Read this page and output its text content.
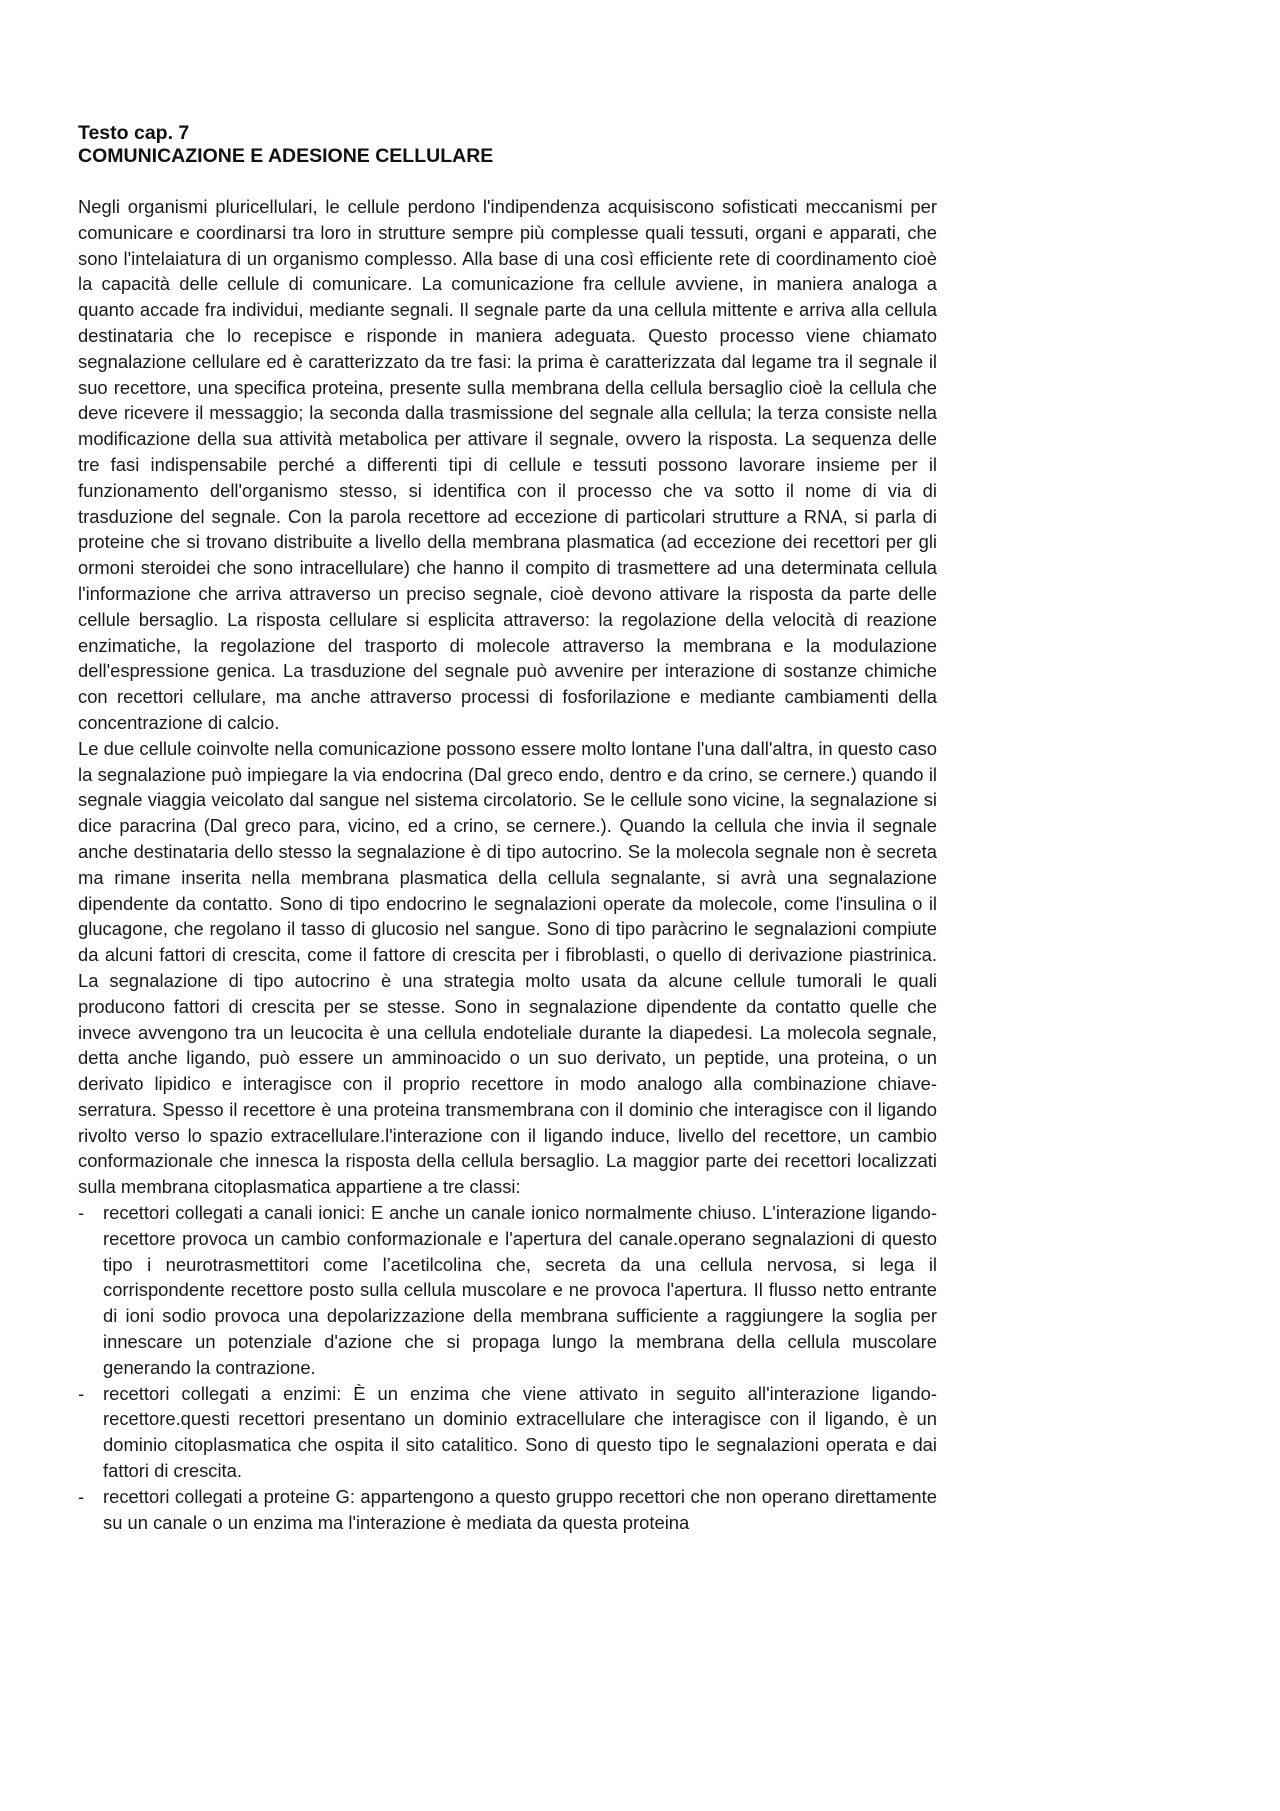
Testo cap. 7
COMUNICAZIONE E ADESIONE CELLULARE

Negli organismi pluricellulari, le cellule perdono l'indipendenza acquisiscono sofisticati meccanismi per comunicare e coordinarsi tra loro in strutture sempre più complesse quali tessuti, organi e apparati, che sono l'intelaiatura di un organismo complesso. Alla base di una così efficiente rete di coordinamento cioè la capacità delle cellule di comunicare. La comunicazione fra cellule avviene, in maniera analoga a quanto accade fra individui, mediante segnali. Il segnale parte da una cellula mittente e arriva alla cellula destinataria che lo recepisce e risponde in maniera adeguata. Questo processo viene chiamato segnalazione cellulare ed è caratterizzato da tre fasi: la prima è caratterizzata dal legame tra il segnale il suo recettore, una specifica proteina, presente sulla membrana della cellula bersaglio cioè la cellula che deve ricevere il messaggio; la seconda dalla trasmissione del segnale alla cellula; la terza consiste nella modificazione della sua attività metabolica per attivare il segnale, ovvero la risposta. La sequenza delle tre fasi indispensabile perché a differenti tipi di cellule e tessuti possono lavorare insieme per il funzionamento dell'organismo stesso, si identifica con il processo che va sotto il nome di via di trasduzione del segnale. Con la parola recettore ad eccezione di particolari strutture a RNA, si parla di proteine che si trovano distribuite a livello della membrana plasmatica (ad eccezione dei recettori per gli ormoni steroidei che sono intracellulare) che hanno il compito di trasmettere ad una determinata cellula l'informazione che arriva attraverso un preciso segnale, cioè devono attivare la risposta da parte delle cellule bersaglio. La risposta cellulare si esplicita attraverso: la regolazione della velocità di reazione enzimatiche, la regolazione del trasporto di molecole attraverso la membrana e la modulazione dell'espressione genica. La trasduzione del segnale può avvenire per interazione di sostanze chimiche con recettori cellulare, ma anche attraverso processi di fosforilazione e mediante cambiamenti della concentrazione di calcio.

Le due cellule coinvolte nella comunicazione possono essere molto lontane l'una dall'altra, in questo caso la segnalazione può impiegare la via endocrina (Dal greco endo, dentro e da crino, se cernere.) quando il segnale viaggia veicolato dal sangue nel sistema circolatorio. Se le cellule sono vicine, la segnalazione si dice paracrina (Dal greco para, vicino, ed a crino, se cernere.). Quando la cellula che invia il segnale anche destinataria dello stesso la segnalazione è di tipo autocrino. Se la molecola segnale non è secreta ma rimane inserita nella membrana plasmatica della cellula segnalante, si avrà una segnalazione dipendente da contatto. Sono di tipo endocrino le segnalazioni operate da molecole, come l'insulina o il glucagone, che regolano il tasso di glucosio nel sangue. Sono di tipo paràcrino le segnalazioni compiute da alcuni fattori di crescita, come il fattore di crescita per i fibroblasti, o quello di derivazione piastrinica. La segnalazione di tipo autocrino è una strategia molto usata da alcune cellule tumorali le quali producono fattori di crescita per se stesse. Sono in segnalazione dipendente da contatto quelle che invece avvengono tra un leucocita è una cellula endoteliale durante la diapedesi. La molecola segnale, detta anche ligando, può essere un amminoacido o un suo derivato, un peptide, una proteina, o un derivato lipidico e interagisce con il proprio recettore in modo analogo alla combinazione chiave-serratura. Spesso il recettore è una proteina transmembrana con il dominio che interagisce con il ligando rivolto verso lo spazio extracellulare.l'interazione con il ligando induce, livello del recettore, un cambio conformazionale che innesca la risposta della cellula bersaglio. La maggior parte dei recettori localizzati sulla membrana citoplasmatica appartiene a tre classi:

-	recettori collegati a canali ionici: E anche un canale ionico normalmente chiuso. L'interazione ligando-recettore provoca un cambio conformazionale e l'apertura del canale.operano segnalazioni di questo tipo i neurotrasmettitori come l’acetilcolina che, secreta da una cellula nervosa, si lega il corrispondente recettore posto sulla cellula muscolare e ne provoca l'apertura. Il flusso netto entrante di ioni sodio provoca una depolarizzazione della membrana sufficiente a raggiungere la soglia per innescare un potenziale d'azione che si propaga lungo la membrana della cellula muscolare generando la contrazione.
-	recettori collegati a enzimi: È un enzima che viene attivato in seguito all'interazione ligando-recettore.questi recettori presentano un dominio extracellulare che interagisce con il ligando, è un dominio citoplasmatica che ospita il sito catalitico. Sono di questo tipo le segnalazioni operata e dai fattori di crescita.
-	recettori collegati a proteine G: appartengono a questo gruppo recettori che non operano direttamente su un canale o un enzima ma l'interazione è mediata da questa proteina
